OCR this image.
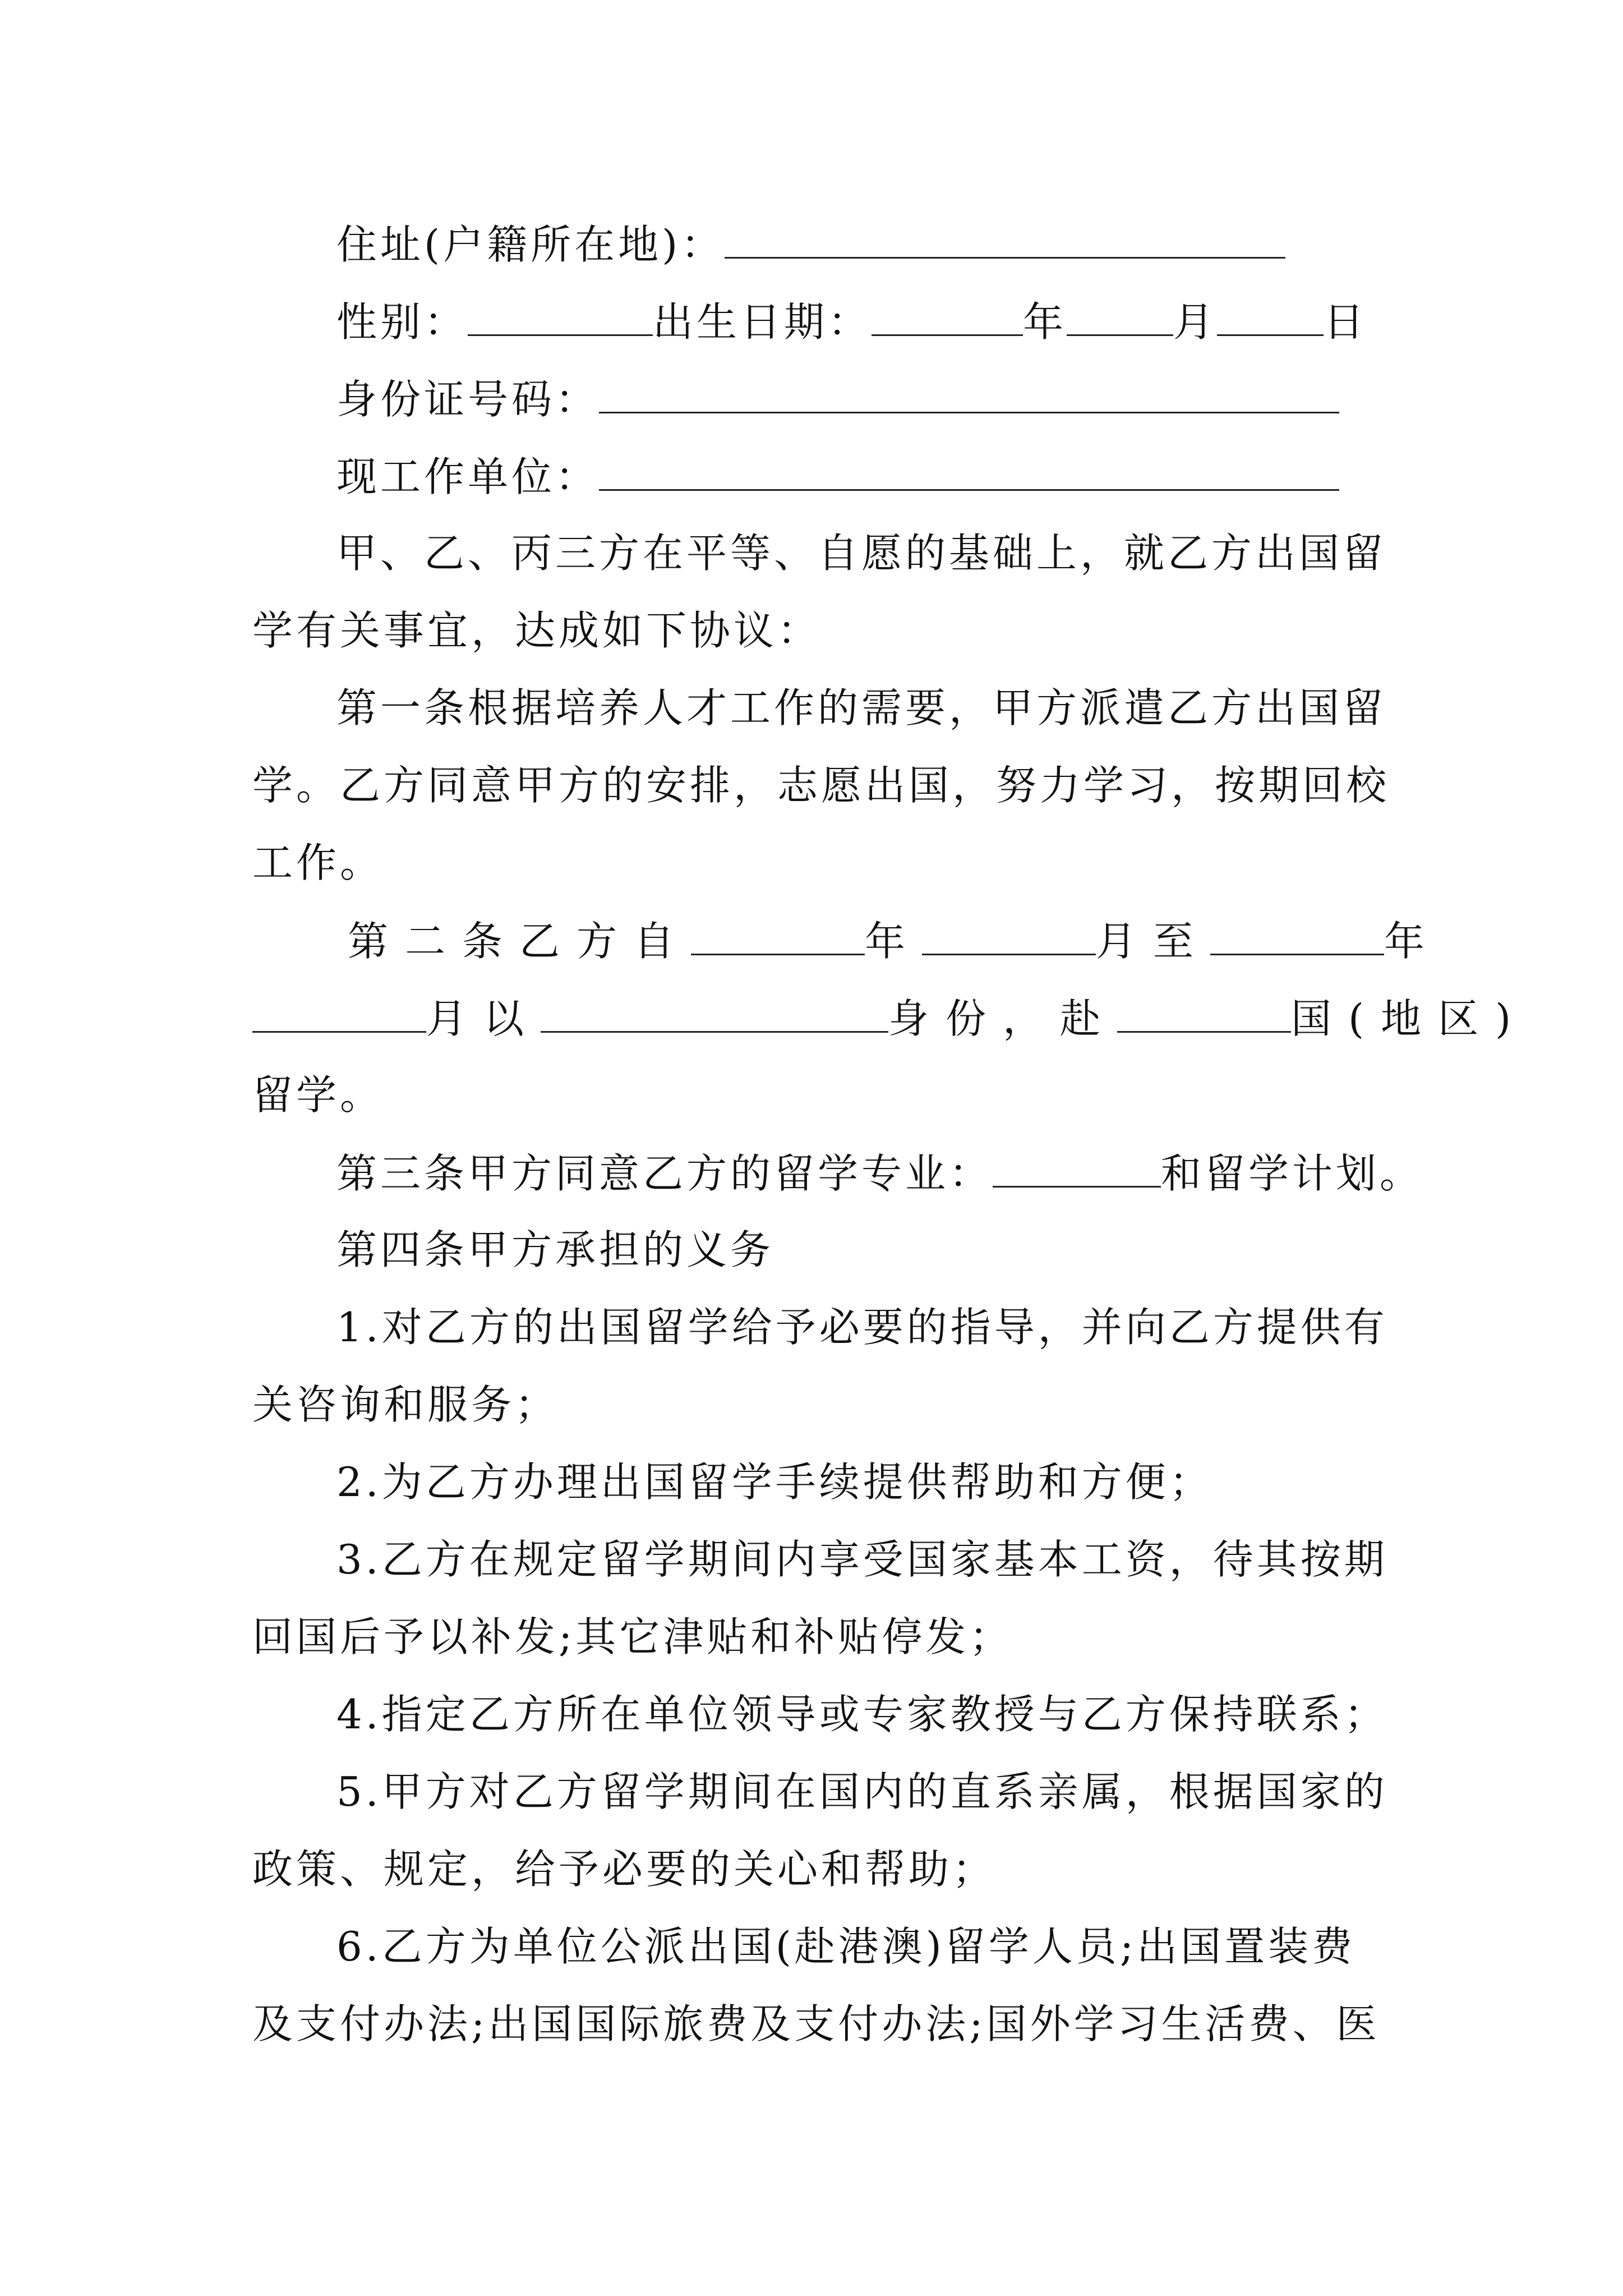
住址(户籍所在地)：
性别：	出生日期：	年	月	日
身份证号码：
现工作单位：
甲、乙、丙三方在平等、自愿的基础上，就乙方出国留
学有关事宜，达成如下协议：
第一条根据培养人才工作的需要，甲方派遣乙方出国留
学。乙方同意甲方的安排，志愿出国，努力学习，按期回校
工作。
第二条乙方自	年	月至	年
月以	身份，赴	国(地区)
留学。
第三条甲方同意乙方的留学专业：	和留学计划。
第四条甲方承担的义务
1.对乙方的出国留学给予必要的指导，并向乙方提供有
关咨询和服务；
2.为乙方办理出国留学手续提供帮助和方便；
3.乙方在规定留学期间内享受国家基本工资，待其按期
回国后予以补发;其它津贴和补贴停发；
4.指定乙方所在单位领导或专家教授与乙方保持联系；
5.甲方对乙方留学期间在国内的直系亲属，根据国家的
政策、规定，给予必要的关心和帮助；
6.乙方为单位公派出国(赴港澳)留学人员;出国置装费
及支付办法;出国国际旅费及支付办法;国外学习生活费、医
